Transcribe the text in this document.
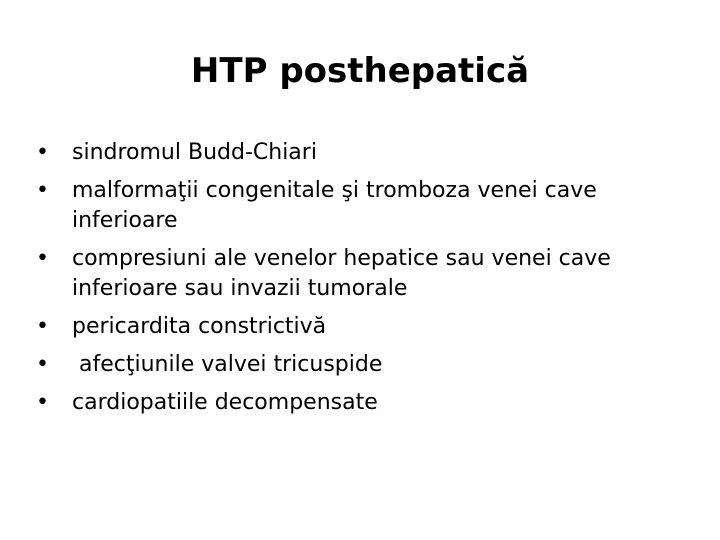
HTP posthepatică
•	sindromul Budd-Chiari
•	malformaţii congenitale şi tromboza venei cave inferioare
•	compresiuni ale venelor hepatice sau venei cave inferioare sau invazii tumorale
•	pericardita constrictivă
•	afecţiunile valvei tricuspide
•	cardiopatiile decompensate
